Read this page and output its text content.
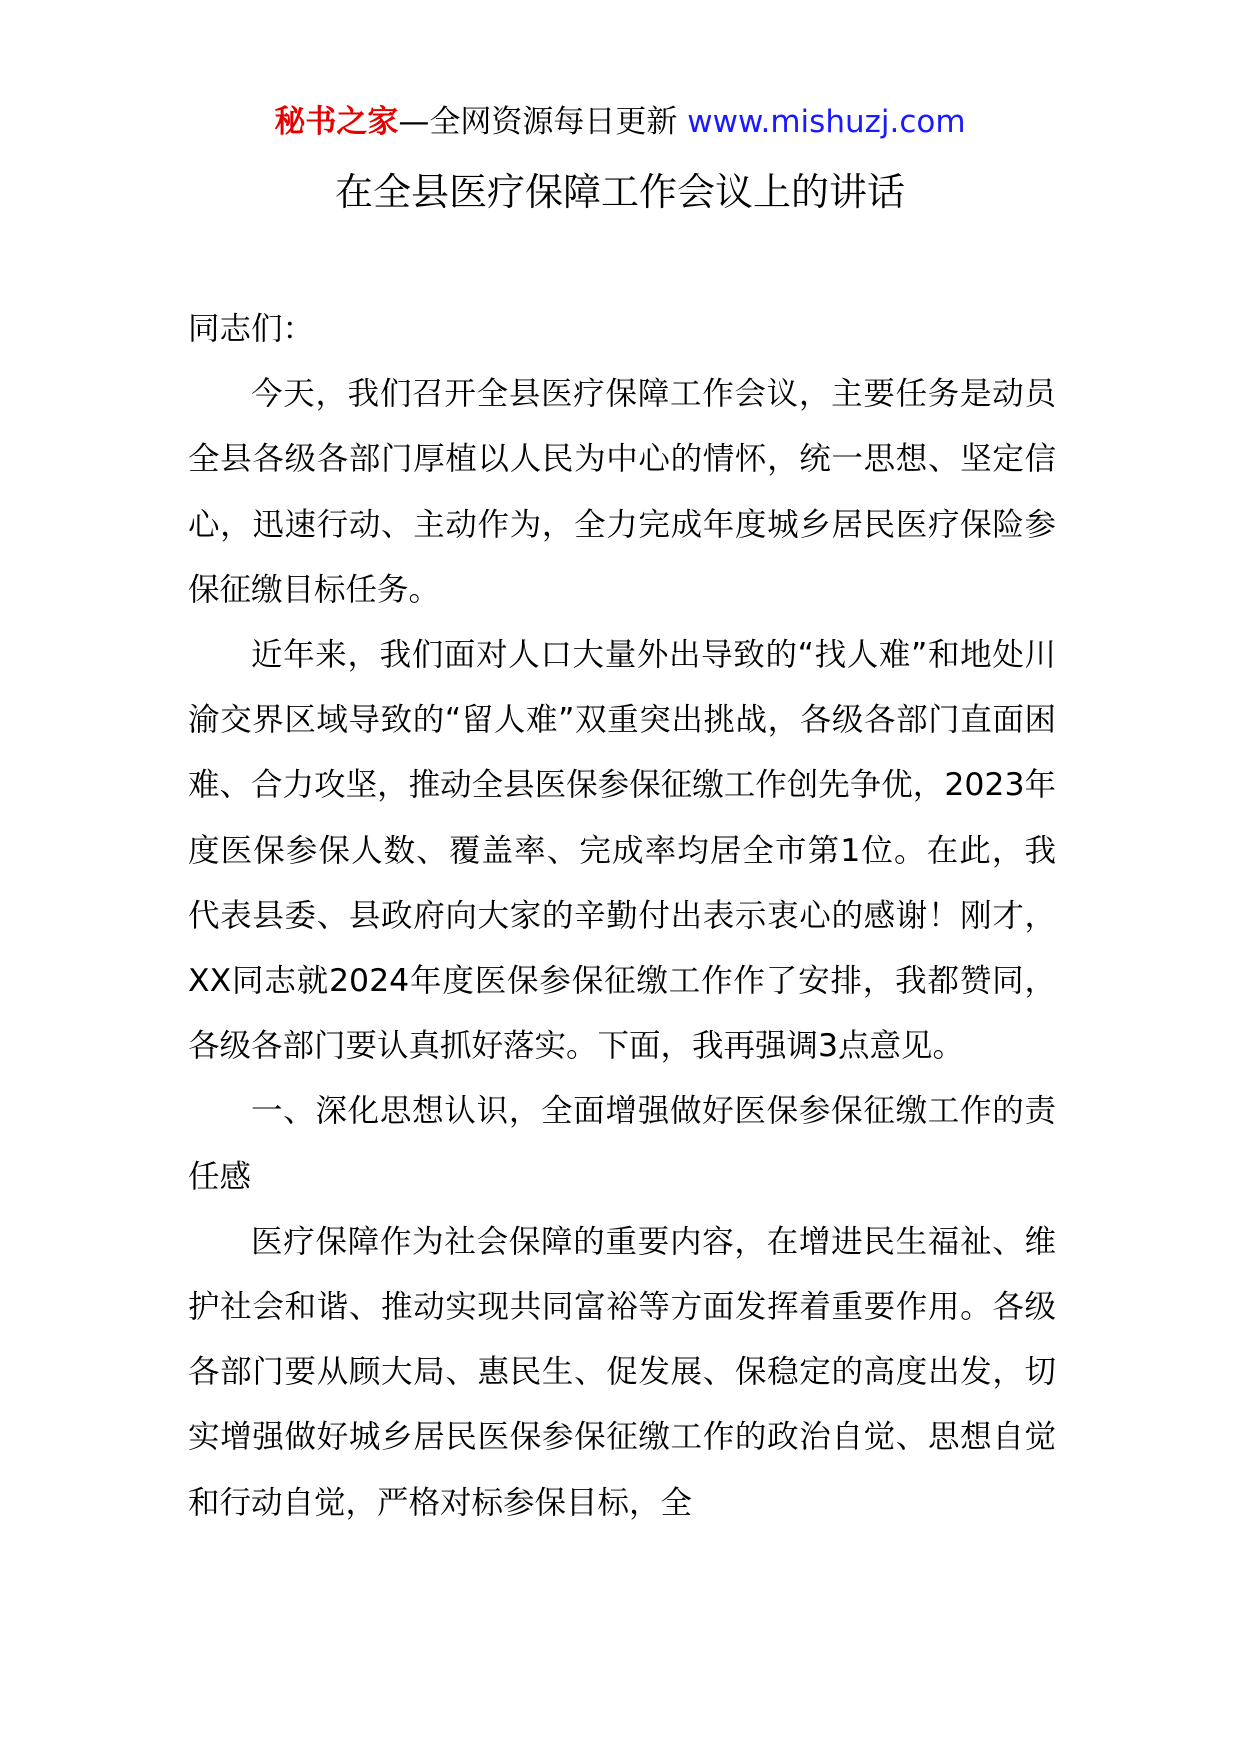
秘书之家—全网资源每日更新 www.mishuzj.com
在全县医疗保障工作会议上的讲话

同志们：

今天，我们召开全县医疗保障工作会议，主要任务是动员全县各级各部门厚植以人民为中心的情怀，统一思想、坚定信心，迅速行动、主动作为，全力完成年度城乡居民医疗保险参保征缴目标任务。

近年来，我们面对人口大量外出导致的“找人难”和地处川渝交界区域导致的“留人难”双重突出挑战，各级各部门直面困难、合力攻坚，推动全县医保参保征缴工作创先争优，2023年度医保参保人数、覆盖率、完成率均居全市第1位。在此，我代表县委、县政府向大家的辛勤付出表示衷心的感谢！刚才，XX同志就2024年度医保参保征缴工作作了安排，我都赞同，各级各部门要认真抓好落实。下面，我再强调3点意见。

一、深化思想认识，全面增强做好医保参保征缴工作的责任感

医疗保障作为社会保障的重要内容，在增进民生福祉、维护社会和谐、推动实现共同富裕等方面发挥着重要作用。各级各部门要从顾大局、惠民生、促发展、保稳定的高度出发，切实增强做好城乡居民医保参保征缴工作的政治自觉、思想自觉和行动自觉，严格对标参保目标，全
